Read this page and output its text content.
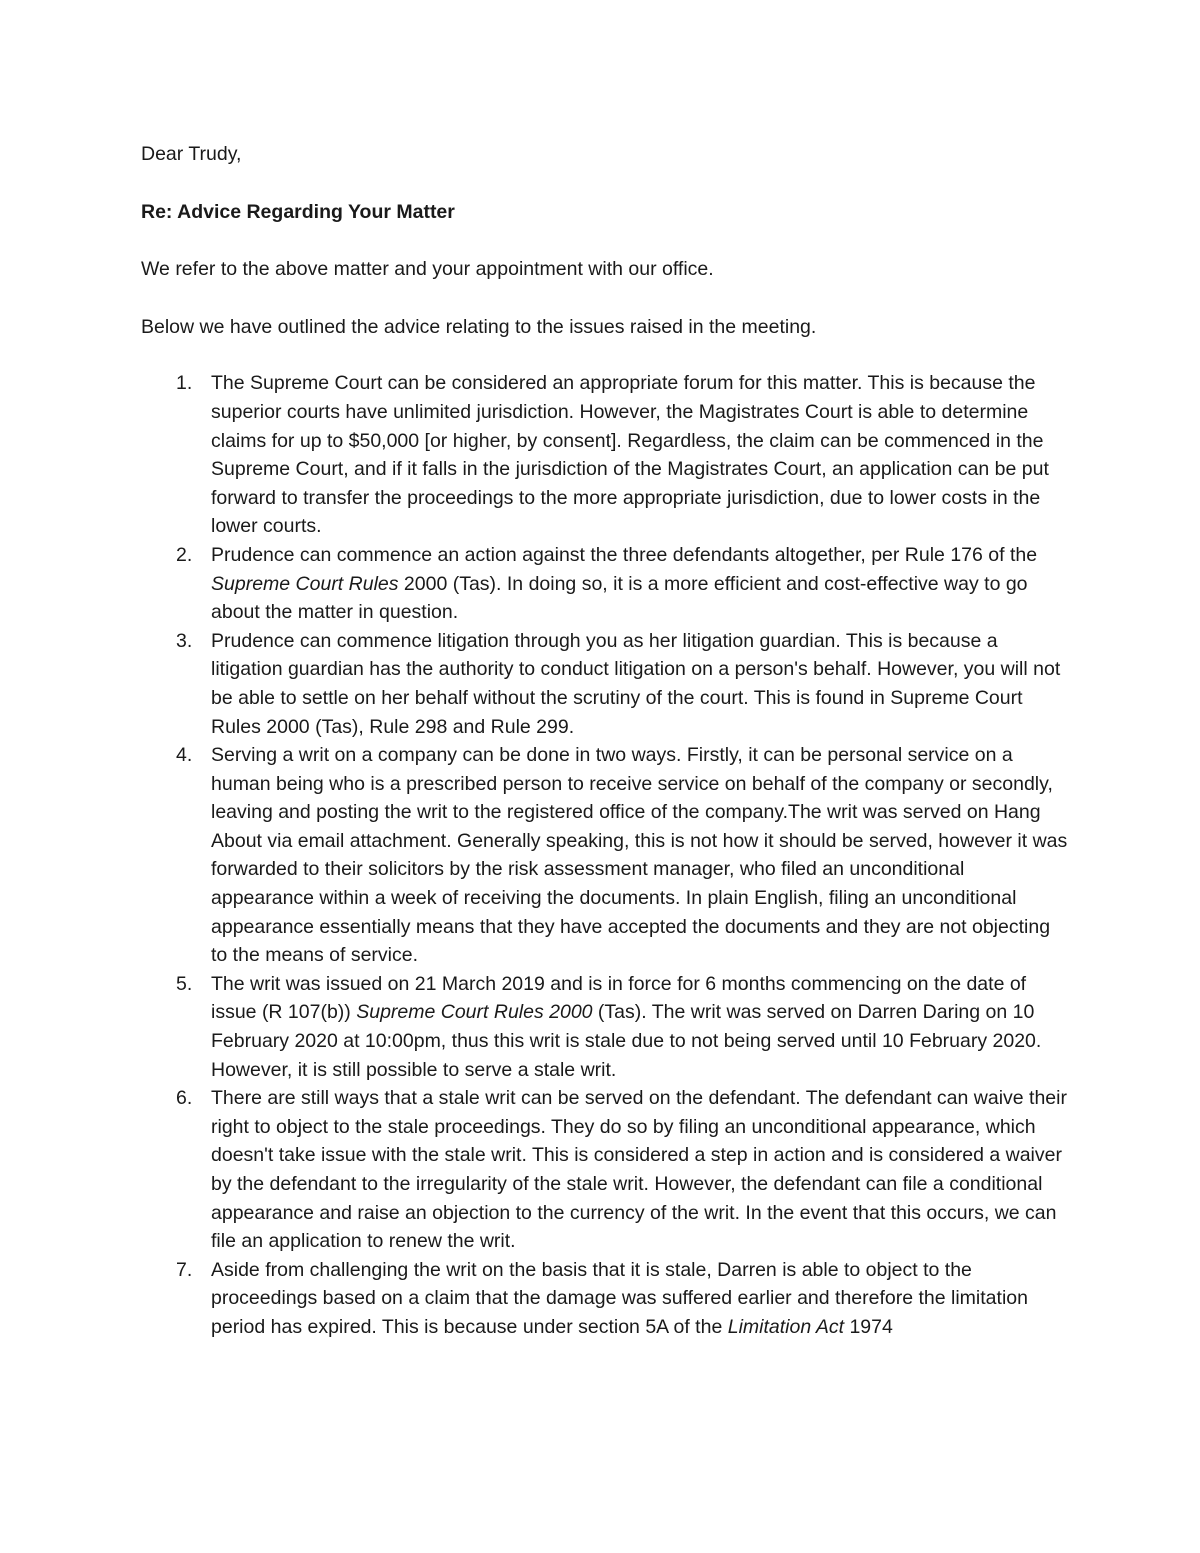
Dear Trudy,

Re: Advice Regarding Your Matter

We refer to the above matter and your appointment with our office.

Below we have outlined the advice relating to the issues raised in the meeting.

1. The Supreme Court can be considered an appropriate forum for this matter. This is because the superior courts have unlimited jurisdiction. However, the Magistrates Court is able to determine claims for up to $50,000 [or higher, by consent]. Regardless, the claim can be commenced in the Supreme Court, and if it falls in the jurisdiction of the Magistrates Court, an application can be put forward to transfer the proceedings to the more appropriate jurisdiction, due to lower costs in the lower courts.
2. Prudence can commence an action against the three defendants altogether, per Rule 176 of the Supreme Court Rules 2000 (Tas). In doing so, it is a more efficient and cost-effective way to go about the matter in question.
3. Prudence can commence litigation through you as her litigation guardian. This is because a litigation guardian has the authority to conduct litigation on a person's behalf. However, you will not be able to settle on her behalf without the scrutiny of the court. This is found in Supreme Court Rules 2000 (Tas), Rule 298 and Rule 299.
4. Serving a writ on a company can be done in two ways. Firstly, it can be personal service on a human being who is a prescribed person to receive service on behalf of the company or secondly, leaving and posting the writ to the registered office of the company.The writ was served on Hang About via email attachment. Generally speaking, this is not how it should be served, however it was forwarded to their solicitors by the risk assessment manager, who filed an unconditional appearance within a week of receiving the documents. In plain English, filing an unconditional appearance essentially means that they have accepted the documents and they are not objecting to the means of service.
5. The writ was issued on 21 March 2019 and is in force for 6 months commencing on the date of issue (R 107(b)) Supreme Court Rules 2000 (Tas). The writ was served on Darren Daring on 10 February 2020 at 10:00pm, thus this writ is stale due to not being served until 10 February 2020. However, it is still possible to serve a stale writ.
6. There are still ways that a stale writ can be served on the defendant. The defendant can waive their right to object to the stale proceedings. They do so by filing an unconditional appearance, which doesn't take issue with the stale writ. This is considered a step in action and is considered a waiver by the defendant to the irregularity of the stale writ. However, the defendant can file a conditional appearance and raise an objection to the currency of the writ. In the event that this occurs, we can file an application to renew the writ.
7. Aside from challenging the writ on the basis that it is stale, Darren is able to object to the proceedings based on a claim that the damage was suffered earlier and therefore the limitation period has expired. This is because under section 5A of the Limitation Act 1974
